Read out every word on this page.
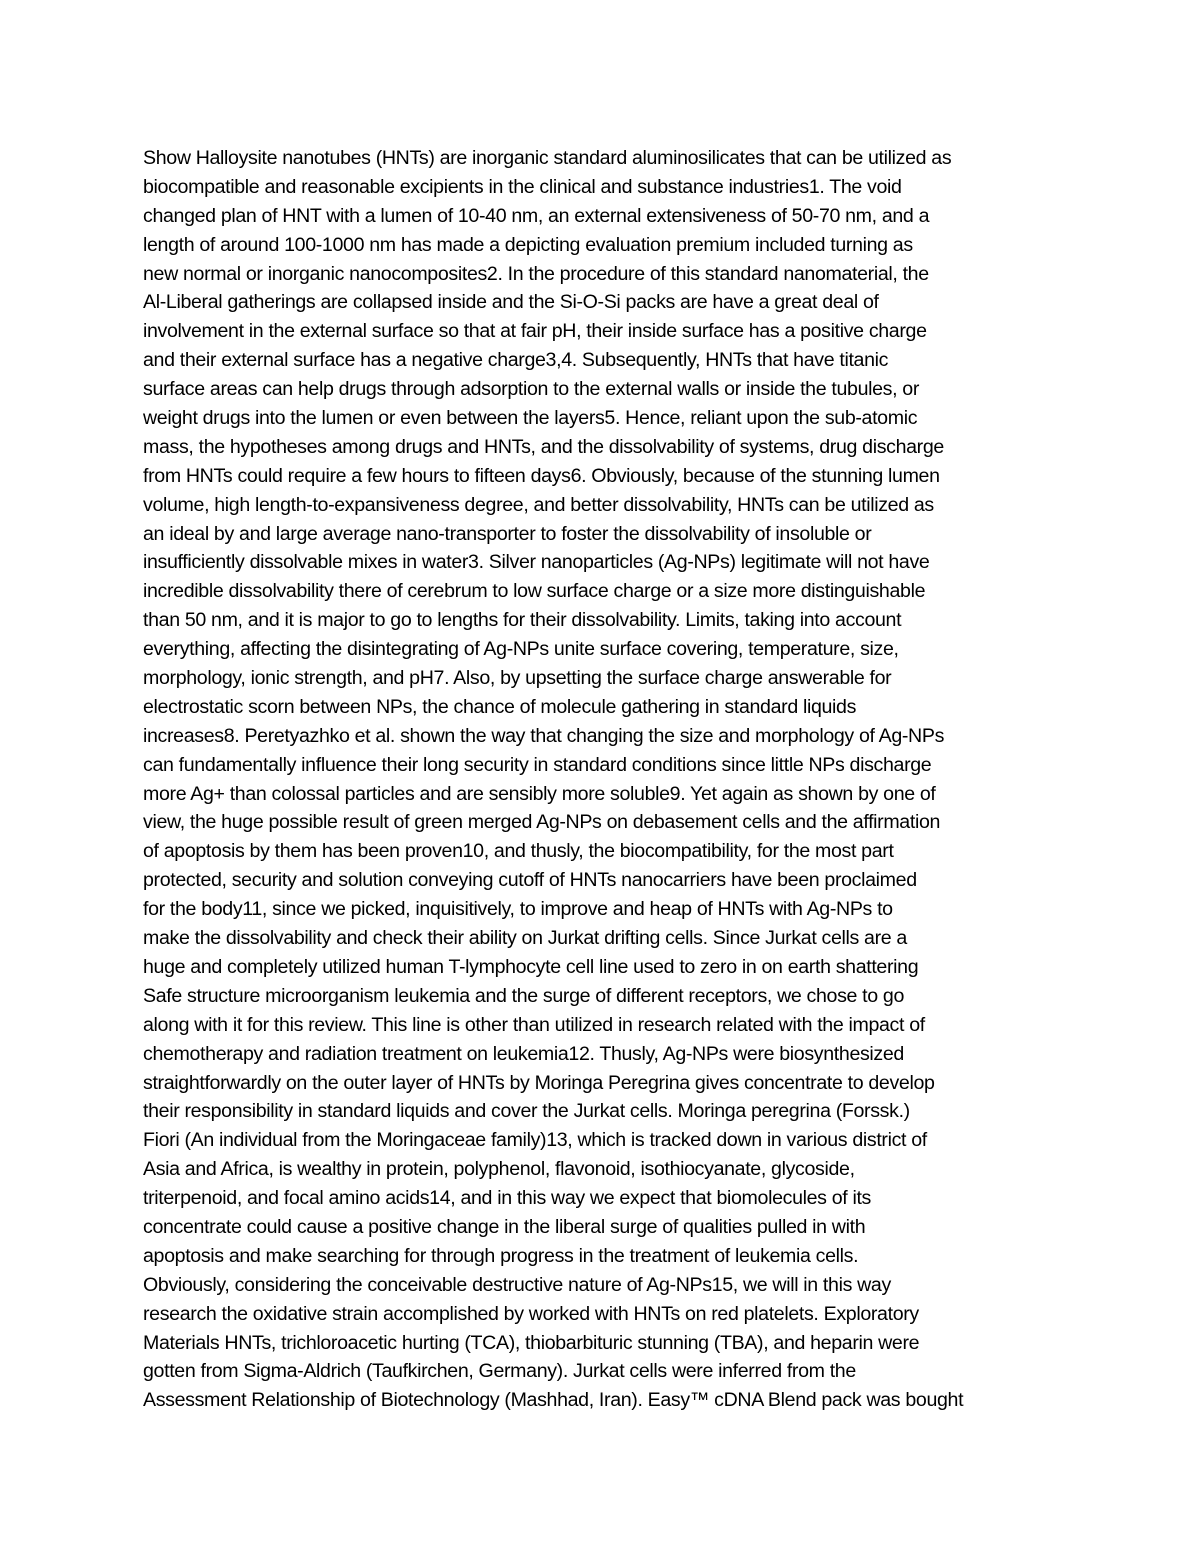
Show Halloysite nanotubes (HNTs) are inorganic standard aluminosilicates that can be utilized as
biocompatible and reasonable excipients in the clinical and substance industries1. The void
changed plan of HNT with a lumen of 10-40 nm, an external extensiveness of 50-70 nm, and a
length of around 100-1000 nm has made a depicting evaluation premium included turning as
new normal or inorganic nanocomposites2. In the procedure of this standard nanomaterial, the
Al-Liberal gatherings are collapsed inside and the Si-O-Si packs are have a great deal of
involvement in the external surface so that at fair pH, their inside surface has a positive charge
and their external surface has a negative charge3,4. Subsequently, HNTs that have titanic
surface areas can help drugs through adsorption to the external walls or inside the tubules, or
weight drugs into the lumen or even between the layers5. Hence, reliant upon the sub-atomic
mass, the hypotheses among drugs and HNTs, and the dissolvability of systems, drug discharge
from HNTs could require a few hours to fifteen days6. Obviously, because of the stunning lumen
volume, high length-to-expansiveness degree, and better dissolvability, HNTs can be utilized as
an ideal by and large average nano-transporter to foster the dissolvability of insoluble or
insufficiently dissolvable mixes in water3. Silver nanoparticles (Ag-NPs) legitimate will not have
incredible dissolvability there of cerebrum to low surface charge or a size more distinguishable
than 50 nm, and it is major to go to lengths for their dissolvability. Limits, taking into account
everything, affecting the disintegrating of Ag-NPs unite surface covering, temperature, size,
morphology, ionic strength, and pH7. Also, by upsetting the surface charge answerable for
electrostatic scorn between NPs, the chance of molecule gathering in standard liquids
increases8. Peretyazhko et al. shown the way that changing the size and morphology of Ag-NPs
can fundamentally influence their long security in standard conditions since little NPs discharge
more Ag+ than colossal particles and are sensibly more soluble9. Yet again as shown by one of
view, the huge possible result of green merged Ag-NPs on debasement cells and the affirmation
of apoptosis by them has been proven10, and thusly, the biocompatibility, for the most part
protected, security and solution conveying cutoff of HNTs nanocarriers have been proclaimed
for the body11, since we picked, inquisitively, to improve and heap of HNTs with Ag-NPs to
make the dissolvability and check their ability on Jurkat drifting cells. Since Jurkat cells are a
huge and completely utilized human T-lymphocyte cell line used to zero in on earth shattering
Safe structure microorganism leukemia and the surge of different receptors, we chose to go
along with it for this review. This line is other than utilized in research related with the impact of
chemotherapy and radiation treatment on leukemia12. Thusly, Ag-NPs were biosynthesized
straightforwardly on the outer layer of HNTs by Moringa Peregrina gives concentrate to develop
their responsibility in standard liquids and cover the Jurkat cells. Moringa peregrina (Forssk.)
Fiori (An individual from the Moringaceae family)13, which is tracked down in various district of
Asia and Africa, is wealthy in protein, polyphenol, flavonoid, isothiocyanate, glycoside,
triterpenoid, and focal amino acids14, and in this way we expect that biomolecules of its
concentrate could cause a positive change in the liberal surge of qualities pulled in with
apoptosis and make searching for through progress in the treatment of leukemia cells.
Obviously, considering the conceivable destructive nature of Ag-NPs15, we will in this way
research the oxidative strain accomplished by worked with HNTs on red platelets. Exploratory
Materials HNTs, trichloroacetic hurting (TCA), thiobarbituric stunning (TBA), and heparin were
gotten from Sigma-Aldrich (Taufkirchen, Germany). Jurkat cells were inferred from the
Assessment Relationship of Biotechnology (Mashhad, Iran). Easy™ cDNA Blend pack was bought
